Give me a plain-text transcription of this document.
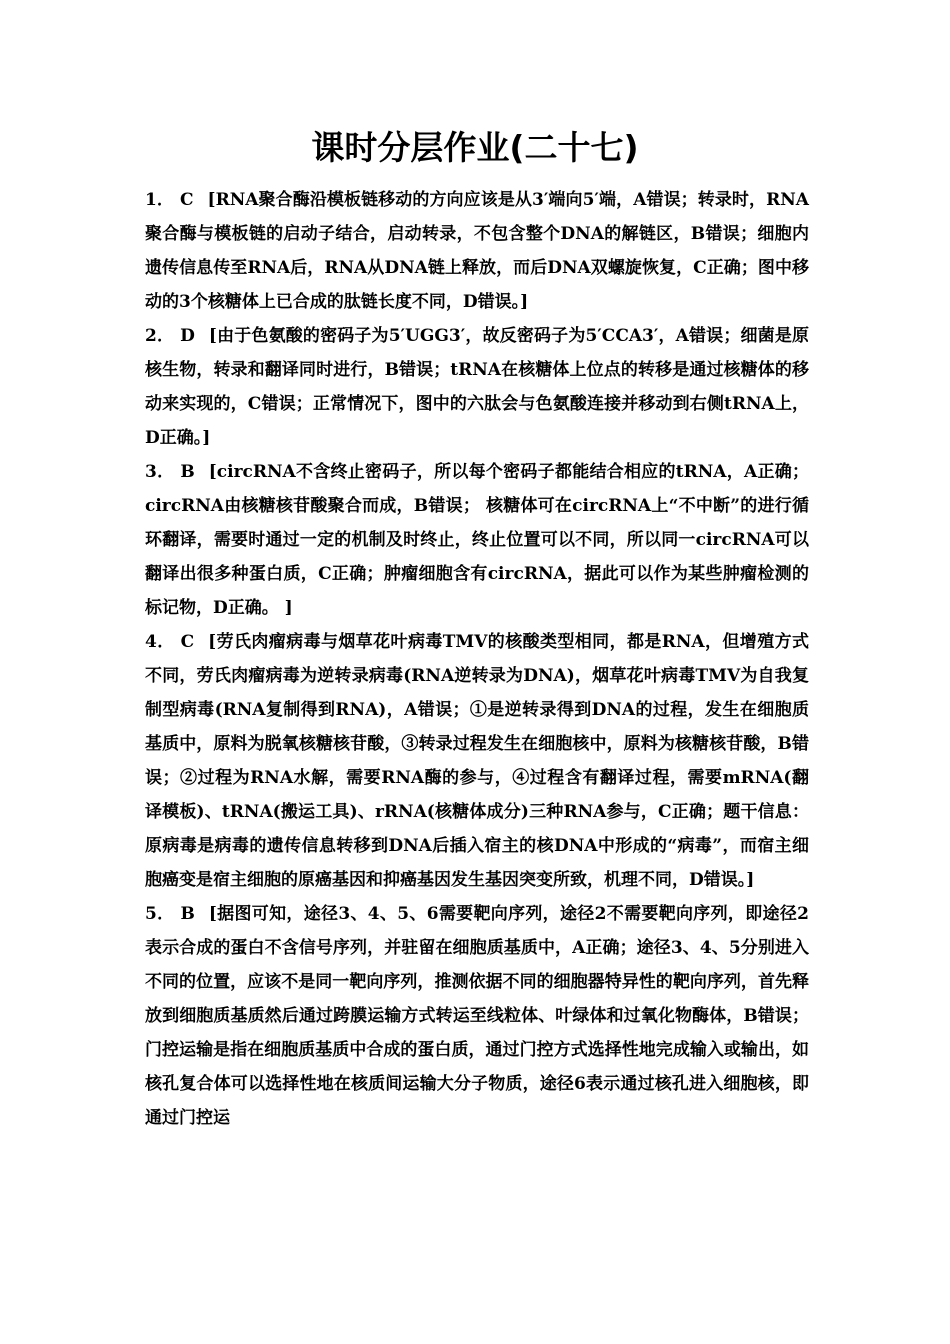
课时分层作业(二十七)

1． C [RNA聚合酶沿模板链移动的方向应该是从3′端向5′端，A错误；转录时，RNA聚合酶与模板链的启动子结合，启动转录，不包含整个DNA的解链区，B错误；细胞内遗传信息传至RNA后，RNA从DNA链上释放，而后DNA双螺旋恢复，C正确；图中移动的3个核糖体上已合成的肽链长度不同，D错误。]

2． D [由于色氨酸的密码子为5′UGG3′，故反密码子为5′CCA3′，A错误；细菌是原核生物，转录和翻译同时进行，B错误；tRNA在核糖体上位点的转移是通过核糖体的移动来实现的，C错误；正常情况下，图中的六肽会与色氨酸连接并移动到右侧tRNA上，D正确。]

3． B [circRNA不含终止密码子，所以每个密码子都能结合相应的tRNA，A正确；circRNA由核糖核苷酸聚合而成，B错误； 核糖体可在circRNA上“不中断”的进行循环翻译，需要时通过一定的机制及时终止，终止位置可以不同，所以同一circRNA可以翻译出很多种蛋白质，C正确；肿瘤细胞含有circRNA，据此可以作为某些肿瘤检测的标记物，D正确。 ]

4． C [劳氏肉瘤病毒与烟草花叶病毒TMV的核酸类型相同，都是RNA，但增殖方式不同，劳氏肉瘤病毒为逆转录病毒(RNA逆转录为DNA)，烟草花叶病毒TMV为自我复制型病毒(RNA复制得到RNA)，A错误；①是逆转录得到DNA的过程，发生在细胞质基质中，原料为脱氧核糖核苷酸，③转录过程发生在细胞核中，原料为核糖核苷酸，B错误；②过程为RNA水解，需要RNA酶的参与，④过程含有翻译过程，需要mRNA(翻译模板)、tRNA(搬运工具)、rRNA(核糖体成分)三种RNA参与，C正确；题干信息：原病毒是病毒的遗传信息转移到DNA后插入宿主的核DNA中形成的“病毒”，而宿主细胞癌变是宿主细胞的原癌基因和抑癌基因发生基因突变所致，机理不同，D错误。]

5． B [据图可知，途径3、4、5、6需要靶向序列，途径2不需要靶向序列，即途径2表示合成的蛋白不含信号序列，并驻留在细胞质基质中，A正确；途径3、4、5分别进入不同的位置，应该不是同一靶向序列，推测依据不同的细胞器特异性的靶向序列，首先释放到细胞质基质然后通过跨膜运输方式转运至线粒体、叶绿体和过氧化物酶体，B错误；门控运输是指在细胞质基质中合成的蛋白质，通过门控方式选择性地完成输入或输出，如核孔复合体可以选择性地在核质间运输大分子物质，途径6表示通过核孔进入细胞核，即通过门控运
